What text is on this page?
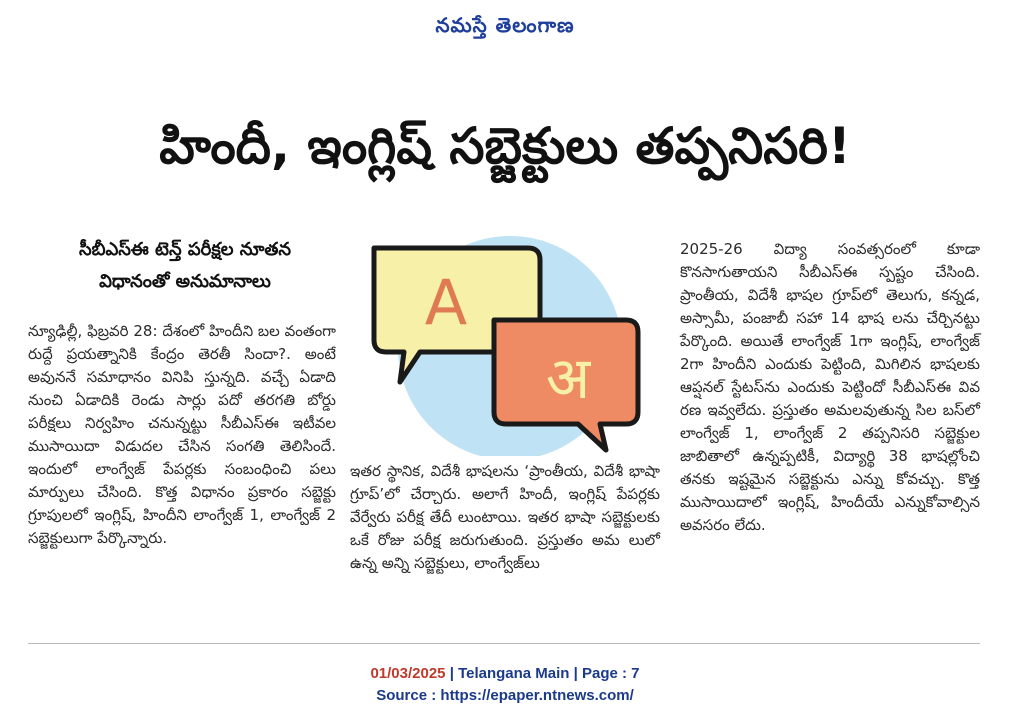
నమస్తే తెలంగాణ
హిందీ, ఇంగ్లిష్ సబ్జెక్టులు తప్పనిసరి!
సీబీఎస్ఈ టెన్త్ పరీక్షల నూతన
విధానంతో అనుమానాలు

న్యూఢిల్లీ, ఫిబ్రవరి 28: దేశంలో హిందీని బల వంతంగా రుద్దే ప్రయత్నానికి కేంద్రం తెరతీ సిందా?. అంటే అవుననే సమాధానం వినిపి స్తున్నది. వచ్చే ఏడాది నుంచి ఏడాదికి రెండు సార్లు పదో తరగతి బోర్డు పరీక్షలు నిర్వహిం చనున్నట్టు సీబీఎస్ఈ ఇటీవల ముసాయిదా విడుదల చేసిన సంగతి తెలిసిందే. ఇందులో లాంగ్వేజ్ పేపర్లకు సంబంధించి పలు మార్పులు చేసింది. కొత్త విధానం ప్రకారం సబ్జెక్టు గ్రూపులలో ఇంగ్లిష్, హిందీని లాంగ్వేజ్ 1, లాంగ్వేజ్ 2 సబ్జెక్టులుగా పేర్కొన్నారు.

A
अ

ఇతర స్థానిక, విదేశీ భాషలను ‘ప్రాంతీయ, విదేశీ భాషా గ్రూప్’లో చేర్చారు. అలాగే హిందీ, ఇంగ్లిష్ పేపర్లకు వేర్వేరు పరీక్ష తేదీ లుంటాయి. ఇతర భాషా సబ్జెక్టులకు ఒకే రోజు పరీక్ష జరుగుతుంది. ప్రస్తుతం అమ లులో ఉన్న అన్ని సబ్జెక్టులు, లాంగ్వేజ్‌లు

2025-26 విద్యా సంవత్సరంలో కూడా కొనసాగుతాయని సీబీఎస్ఈ స్పష్టం చేసింది. ప్రాంతీయ, విదేశీ భాషల గ్రూప్‌లో తెలుగు, కన్నడ, అస్సామీ, పంజాబీ సహా 14 భాష లను చేర్చినట్టు పేర్కొంది. అయితే లాంగ్వేజ్ 1గా ఇంగ్లిష్, లాంగ్వేజ్ 2గా హిందీని ఎందుకు పెట్టింది, మిగిలిన భాషలకు ఆప్షనల్ స్టేటస్‌ను ఎందుకు పెట్టిందో సీబీఎస్ఈ వివ రణ ఇవ్వలేదు. ప్రస్తుతం అమలవుతున్న సిల బస్‌లో లాంగ్వేజ్ 1, లాంగ్వేజ్ 2 తప్పనిసరి సబ్జెక్టుల జాబితాలో ఉన్నప్పటికీ, విద్యార్థి 38 భాషల్లోంచి తనకు ఇష్టమైన సబ్జెక్టును ఎన్ను కోవచ్చు. కొత్త ముసాయిదాలో ఇంగ్లిష్, హిందీయే ఎన్నుకోవాల్సిన అవసరం లేదు.

01/03/2025 | Telangana Main | Page : 7
Source : https://epaper.ntnews.com/
